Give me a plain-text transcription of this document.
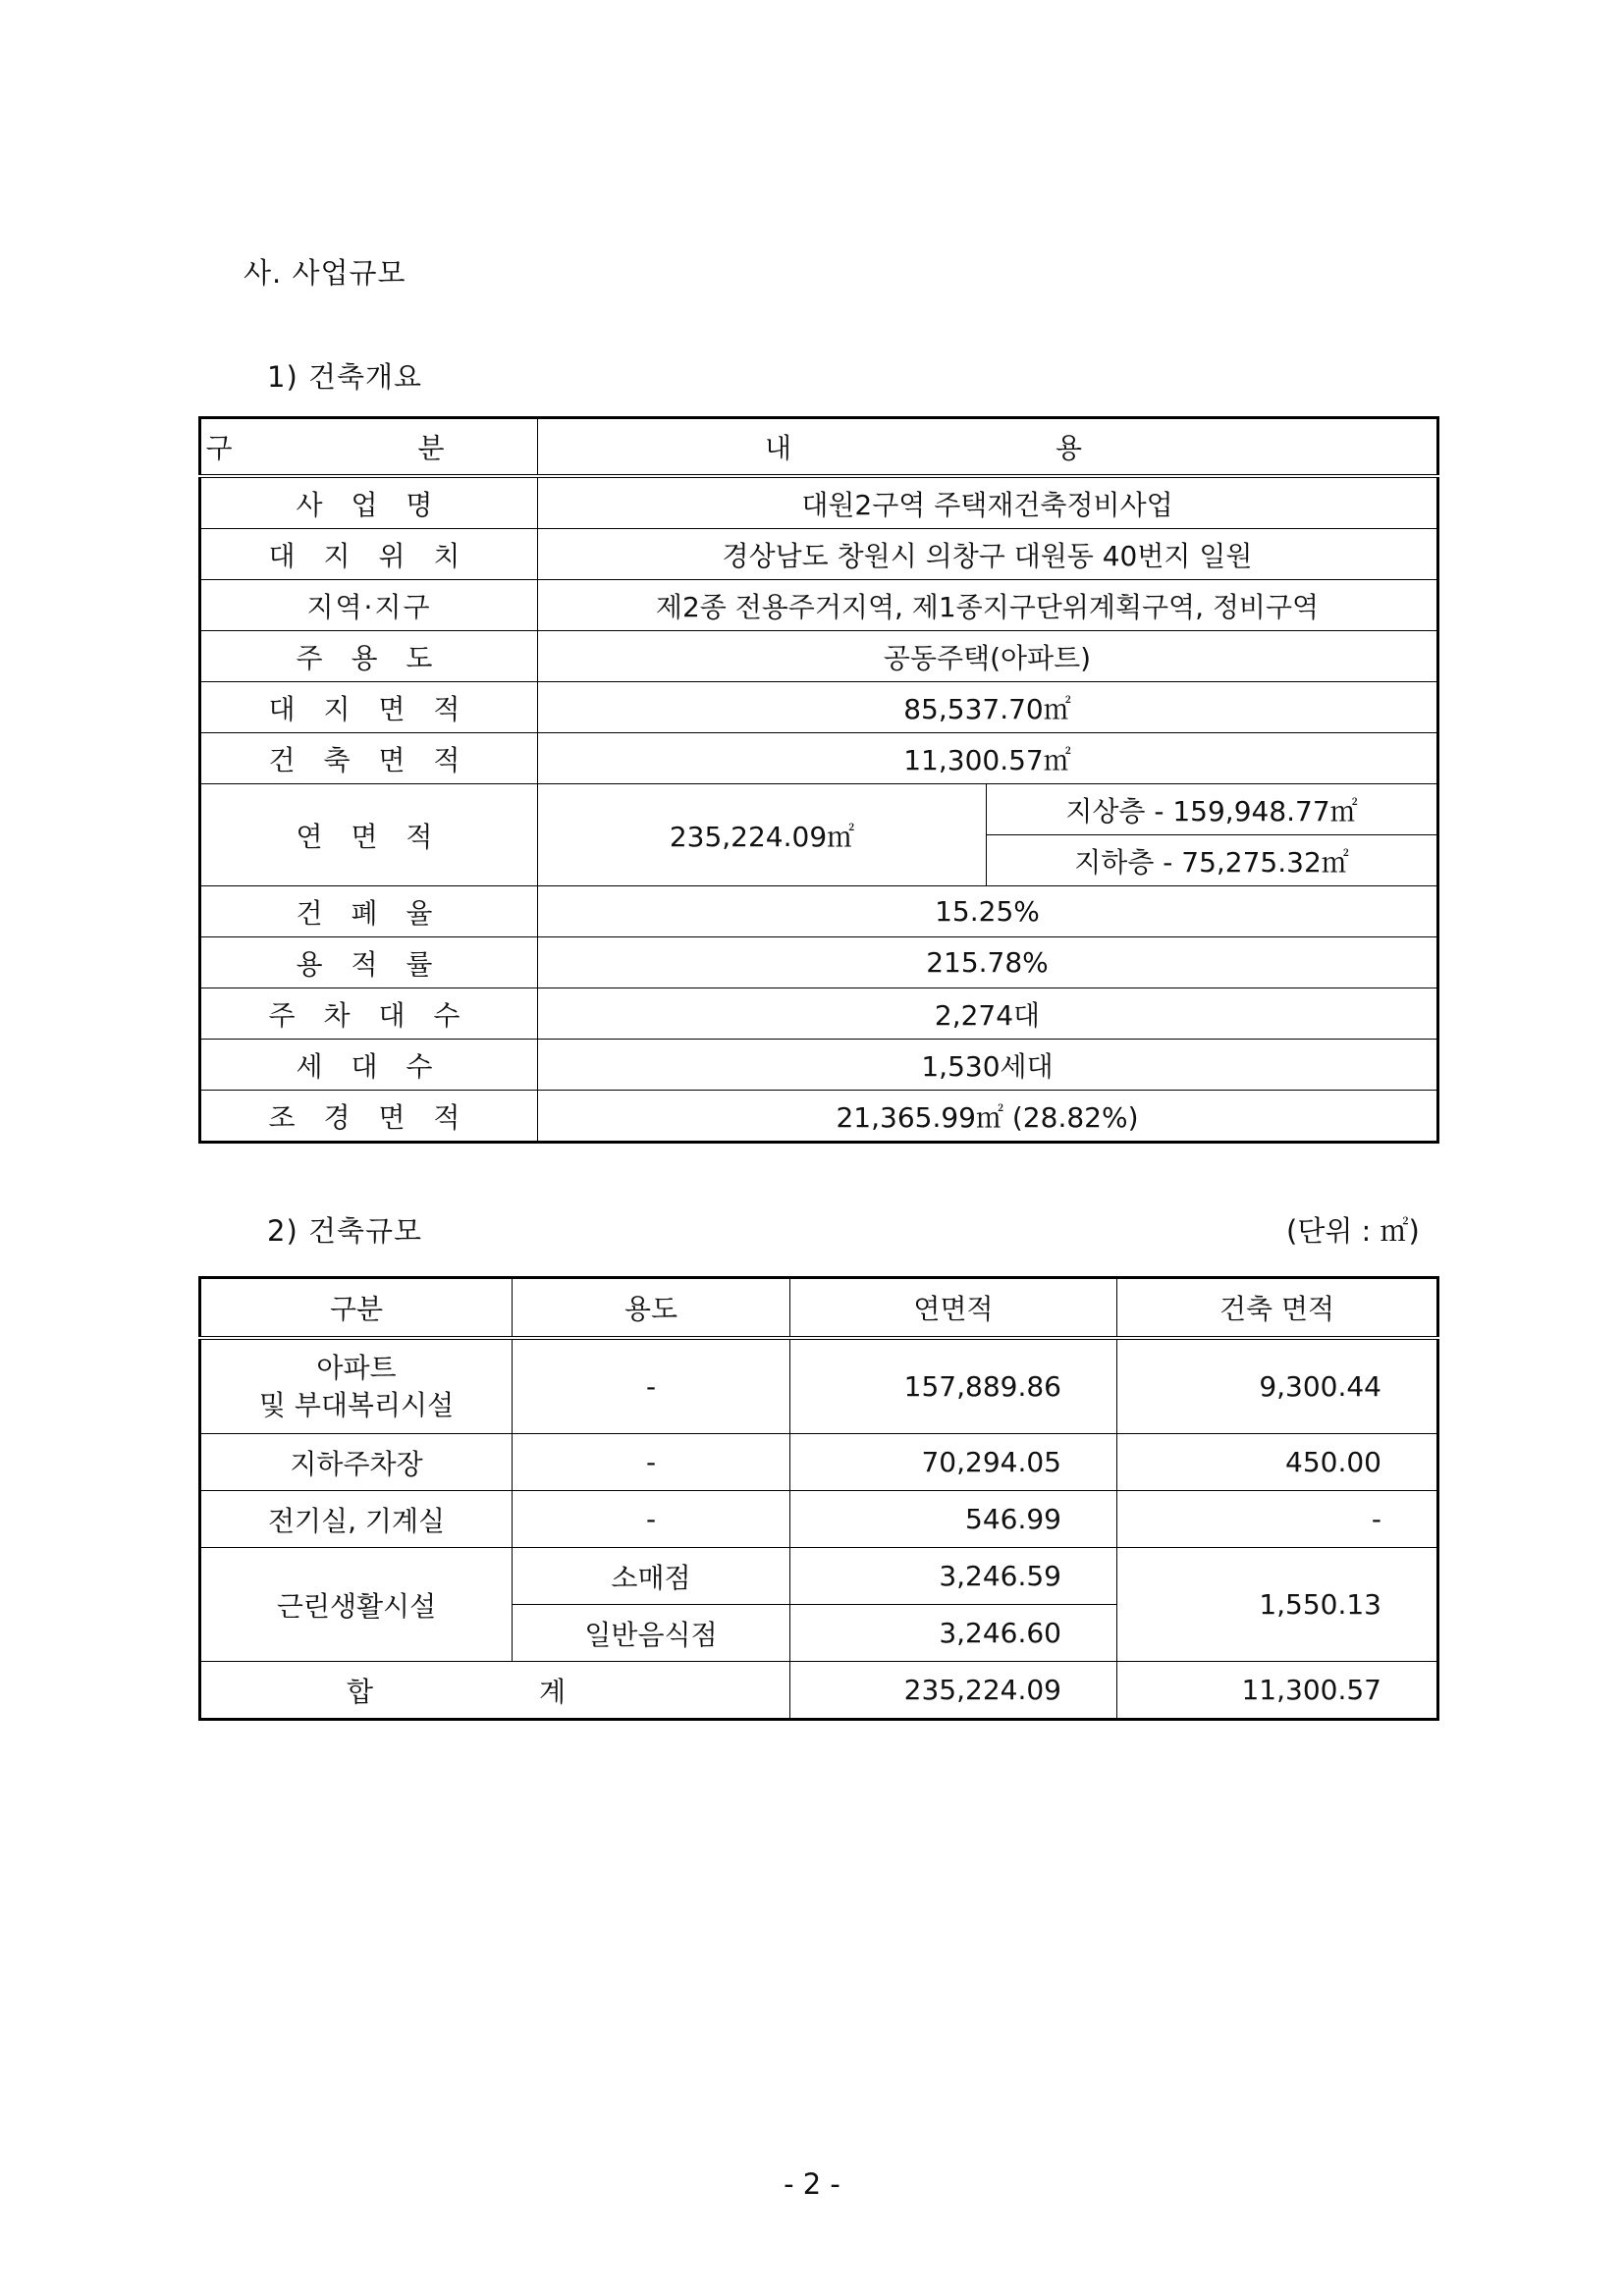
사. 사업규모
1) 건축개요
구 분	내 용	
사 업 명	대원2구역 주택재건축정비사업	
대 지 위 치	경상남도 창원시 의창구 대원동 40번지 일원	
지역·지구	제2종 전용주거지역, 제1종지구단위계획구역, 정비구역	
주 용 도	공동주택(아파트)	
대 지 면 적	85,537.70㎡	
건 축 면 적	11,300.57㎡	
연 면 적	235,224.09㎡	지상층 - 159,948.77㎡
		지하층 - 75,275.32㎡
건 폐 율	15.25%	
용 적 률	215.78%	
주 차 대 수	2,274대	
세 대 수	1,530세대	
조 경 면 적	21,365.99㎡ (28.82%)	
2) 건축규모	(단위 : ㎡)
구분	용도	연면적	건축 면적
아파트
및 부대복리시설	-	157,889.86	9,300.44
지하주차장	-	70,294.05	450.00
전기실, 기계실	-	546.99	-
근린생활시설	소매점	3,246.59	1,550.13
	일반음식점	3,246.60	
합 계		235,224.09	11,300.57
- 2 -
